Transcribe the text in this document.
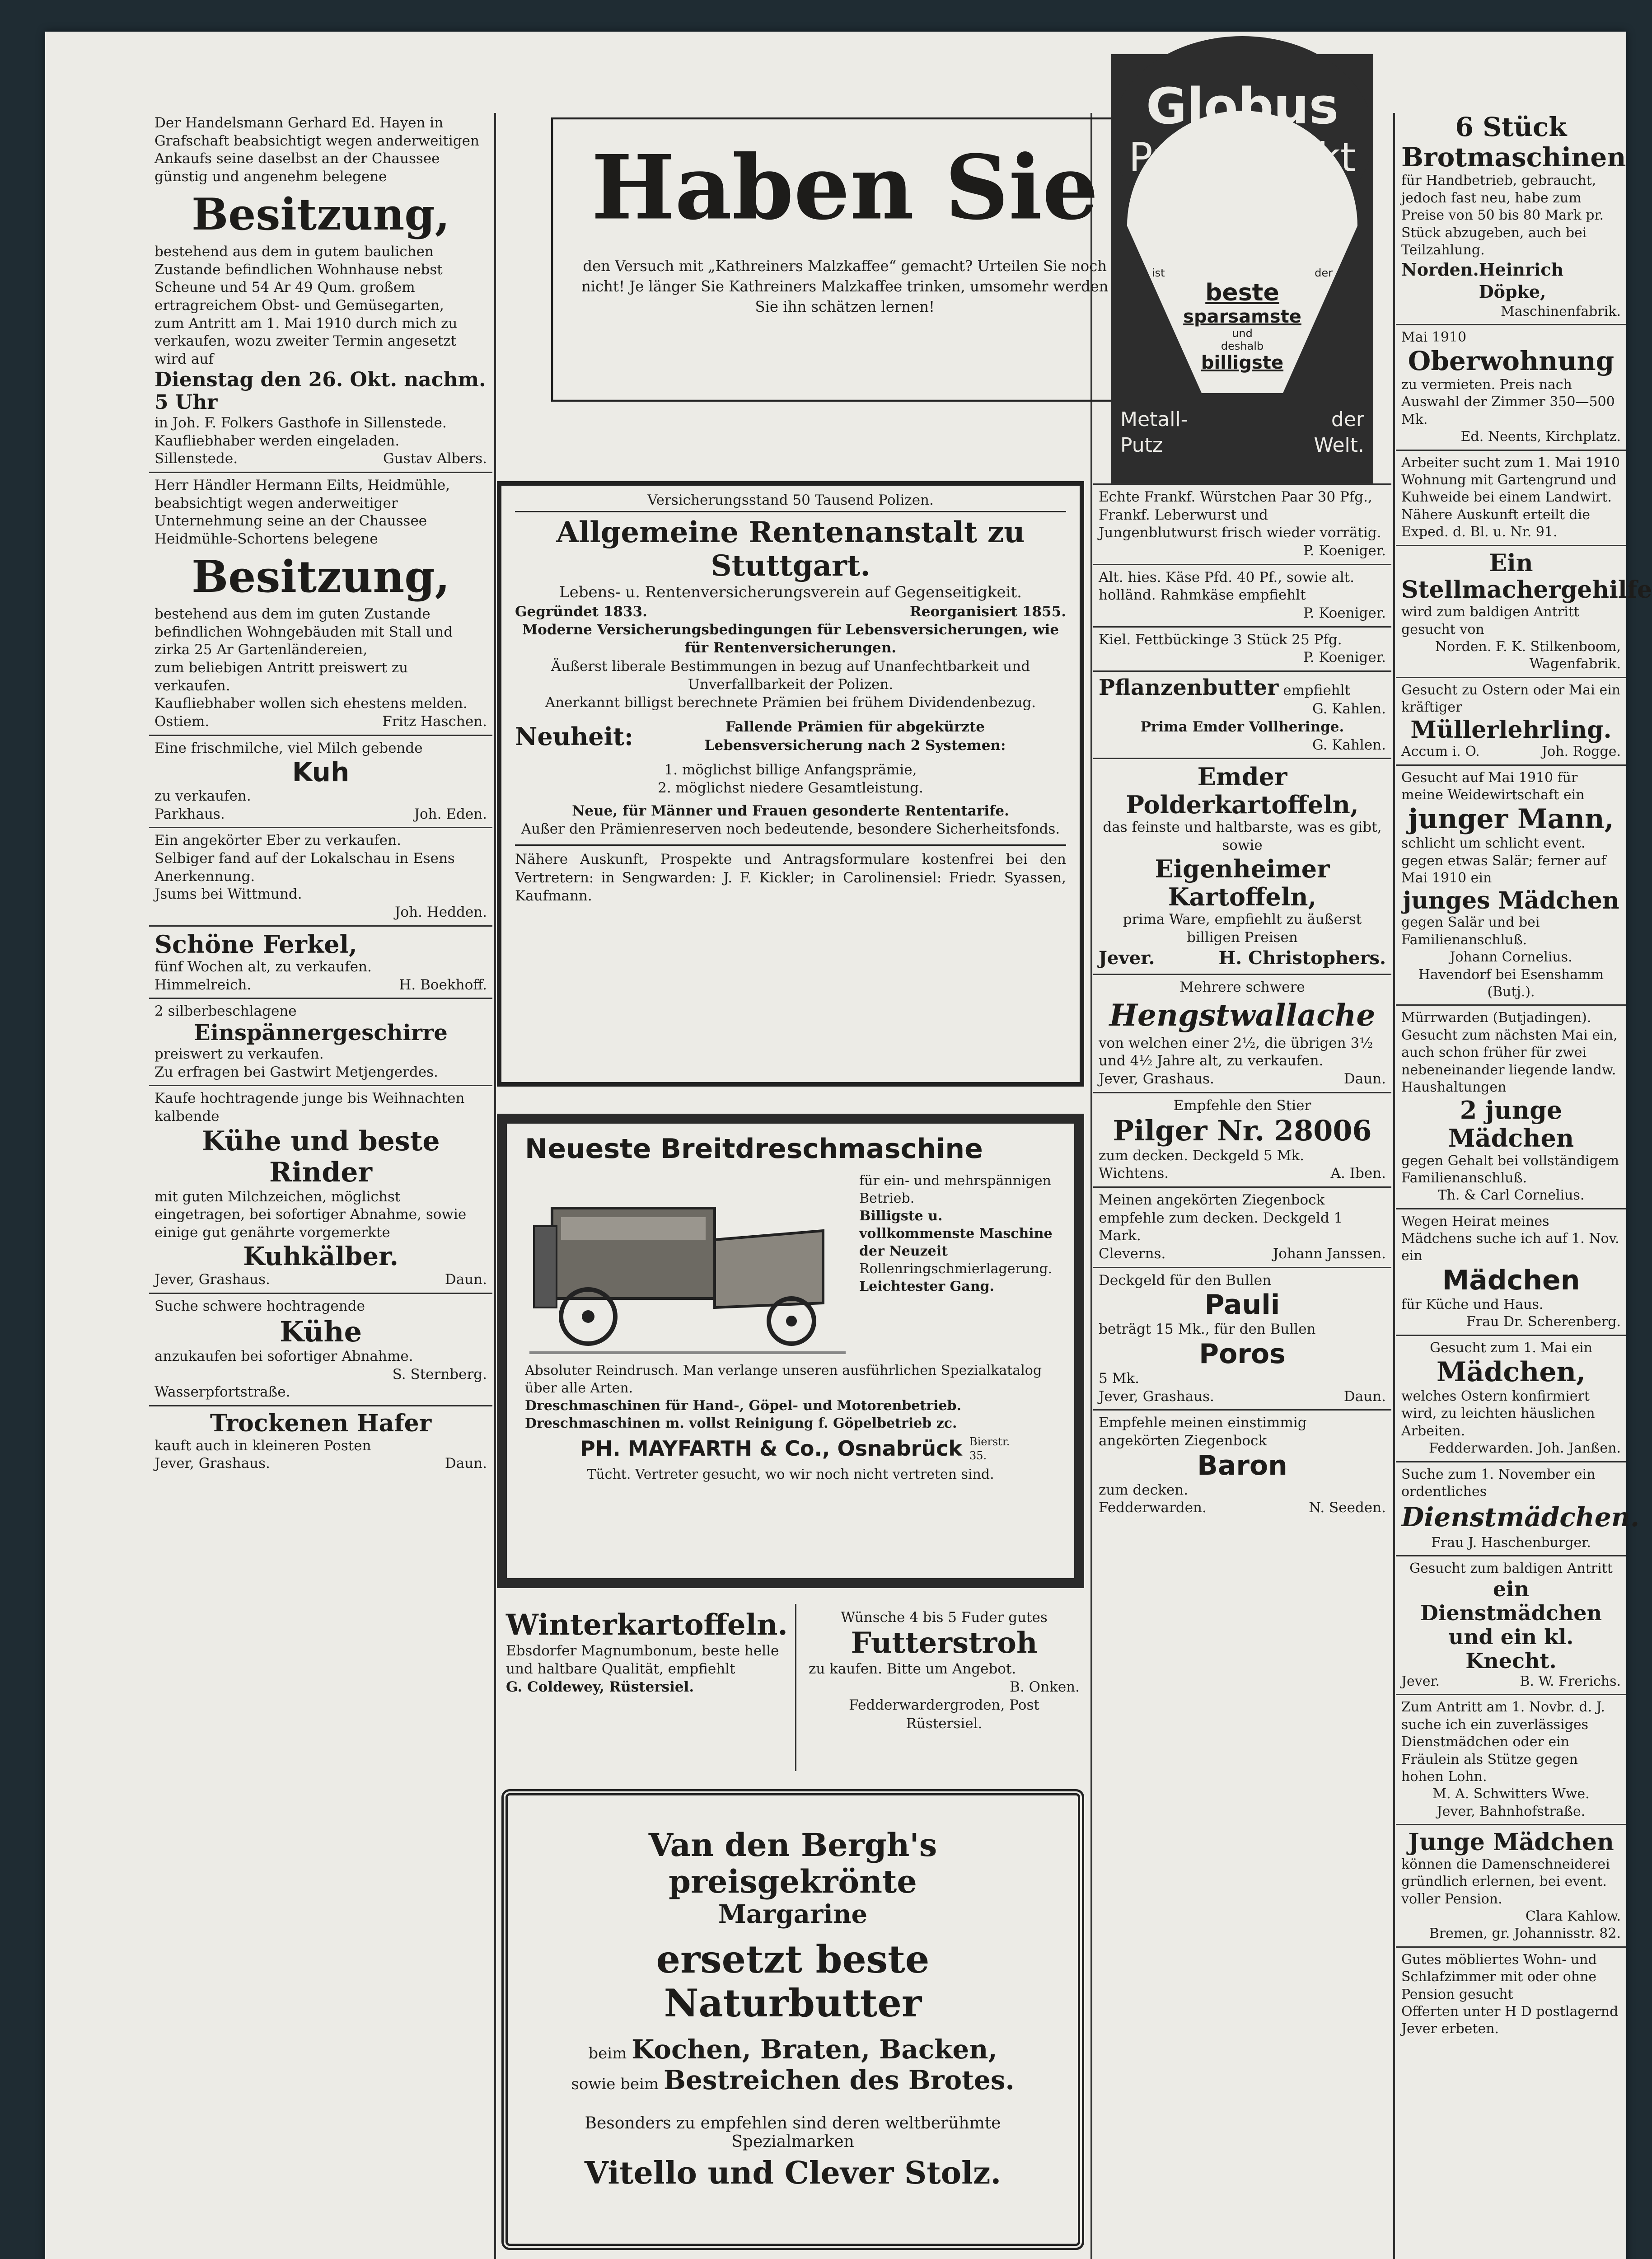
Der Handelsmann Gerhard Ed. Hayen in Grafschaft beabsichtigt wegen anderweitigen Ankaufs seine daselbst an der Chaussee günstig und angenehm belegene

Besitzung,

bestehend aus dem in gutem baulichen Zustande befindlichen Wohnhause nebst Scheune und 54 Ar 49 Qum. großem ertragreichem Obst- und Gemüsegarten,

zum Antritt am 1. Mai 1910 durch mich zu verkaufen, wozu zweiter Termin angesetzt wird auf

Dienstag den 26. Okt. nachm. 5 Uhr

in Joh. F. Folkers Gasthofe in Sillenstede.

Kaufliebhaber werden eingeladen.

Sillenstede.	Gustav Albers.

Herr Händler Hermann Eilts, Heidmühle, beabsichtigt wegen anderweitiger Unternehmung seine an der Chaussee Heidmühle-Schortens belegene

Besitzung,

bestehend aus dem im guten Zustande befindlichen Wohngebäuden mit Stall und zirka 25 Ar Gartenländereien,

zum beliebigen Antritt preiswert zu verkaufen.

Kaufliebhaber wollen sich ehestens melden.

Ostiem.	Fritz Haschen.

Eine frischmilche, viel Milch gebende

Kuh

zu verkaufen.

Parkhaus.	Joh. Eden.

Ein angekörter Eber zu verkaufen.

Selbiger fand auf der Lokalschau in Esens Anerkennung.

Jsums bei Wittmund.

Joh. Hedden.

Schöne Ferkel,

fünf Wochen alt, zu verkaufen.

Himmelreich.	H. Boekhoff.

2 silberbeschlagene

Einspännergeschirre

preiswert zu verkaufen.

Zu erfragen bei Gastwirt Metjengerdes.

Kaufe hochtragende junge bis Weihnachten kalbende

Kühe und beste Rinder

mit guten Milchzeichen, möglichst eingetragen, bei sofortiger Abnahme, sowie einige gut genährte vorgemerkte

Kuhkälber.

Jever, Grashaus.	Daun.

Suche schwere hochtragende

Kühe

anzukaufen bei sofortiger Abnahme.

S. Sternberg.

Wasserpfortstraße.

Trockenen Hafer

kauft auch in kleineren Posten

Jever, Grashaus.	Daun.

Haben Sie

den Versuch mit „Kathreiners Malzkaffee“ gemacht? Urteilen Sie noch nicht! Je länger Sie Kathreiners Malzkaffee trinken, umsomehr werden Sie ihn schätzen lernen!

Versicherungsstand 50 Tausend Polizen.

Allgemeine Rentenanstalt zu Stuttgart.

Lebens- u. Rentenversicherungsverein auf Gegenseitigkeit.

Gegründet 1833.	Reorganisiert 1855.

Moderne Versicherungsbedingungen für Lebensversicherungen, wie für Rentenversicherungen.

Äußerst liberale Bestimmungen in bezug auf Unanfechtbarkeit und Unverfallbarkeit der Polizen.

Anerkannt billigst berechnete Prämien bei frühem Dividendenbezug.

Neuheit:	Fallende Prämien für abgekürzte Lebensversicherung nach 2 Systemen:

1. möglichst billige Anfangsprämie,

2. möglichst niedere Gesamtleistung.

Neue, für Männer und Frauen gesonderte Rententarife.

Außer den Prämienreserven noch bedeutende, besondere Sicherheitsfonds.

Nähere Auskunft, Prospekte und Antragsformulare kostenfrei bei den Vertretern: in Sengwarden: J. F. Kickler; in Carolinensiel: Friedr. Syassen, Kaufmann.

Neueste Breitdreschmaschine

für ein- und mehrspännigen Betrieb.

Billigste u. vollkommenste Maschine der Neuzeit

Rollenringschmierlagerung.

Leichtester Gang.

Absoluter Reindrusch. Man verlange unseren ausführlichen Spezialkatalog über alle Arten.

Dreschmaschinen für Hand-, Göpel- und Motorenbetrieb.

Dreschmaschinen m. vollst Reinigung f. Göpelbetrieb zc.

PH. MAYFARTH & Co., Osnabrück Bierstr. 35.

Tücht. Vertreter gesucht, wo wir noch nicht vertreten sind.

Winterkartoffeln.

Ebsdorfer Magnumbonum, beste helle und haltbare Qualität, empfiehlt

G. Coldewey, Rüstersiel.

Wünsche 4 bis 5 Fuder gutes

Futterstroh

zu kaufen. Bitte um Angebot.

B. Onken.

Fedderwardergroden, Post Rüstersiel.

Van den Bergh's preisgekrönte

Margarine

ersetzt beste Naturbutter

beim Kochen, Braten, Backen,

sowie beim Bestreichen des Brotes.

Besonders zu empfehlen sind deren weltberühmte Spezialmarken

Vitello und Clever Stolz.

Globus

Putzextrakt

ist	der

beste

sparsamste

und

deshalb

billigste

Metall-	der
Putz	Welt.

Echte Frankf. Würstchen Paar 30 Pfg., Frankf. Leberwurst und Jungenblutwurst frisch wieder vorrätig.

P. Koeniger.

Alt. hies. Käse Pfd. 40 Pf., sowie alt. holländ. Rahmkäse empfiehlt

P. Koeniger.

Kiel. Fettbückinge 3 Stück 25 Pfg.

P. Koeniger.

Pflanzenbutter empfiehlt

G. Kahlen.

Prima Emder Vollheringe.

G. Kahlen.

Emder Polderkartoffeln,

das feinste und haltbarste, was es gibt, sowie

Eigenheimer Kartoffeln,

prima Ware, empfiehlt zu äußerst billigen Preisen

Jever.	H. Christophers.

Mehrere schwere

Hengstwallache

von welchen einer 2½, die übrigen 3½ und 4½ Jahre alt, zu verkaufen.

Jever, Grashaus.	Daun.

Empfehle den Stier

Pilger Nr. 28006

zum decken. Deckgeld 5 Mk.

Wichtens.	A. Iben.

Meinen angekörten Ziegenbock empfehle zum decken. Deckgeld 1 Mark.

Cleverns.	Johann Janssen.

Deckgeld für den Bullen

Pauli

beträgt 15 Mk., für den Bullen

Poros

5 Mk.

Jever, Grashaus.	Daun.

Empfehle meinen einstimmig angekörten Ziegenbock

Baron

zum decken.

Fedderwarden.	N. Seeden.

6 Stück Brotmaschinen

für Handbetrieb, gebraucht, jedoch fast neu, habe zum Preise von 50 bis 80 Mark pr. Stück abzugeben, auch bei Teilzahlung.

Norden. Heinrich Döpke,

Maschinenfabrik.

Mai 1910

Oberwohnung

zu vermieten. Preis nach Auswahl der Zimmer 350—500 Mk.

Ed. Neents, Kirchplatz.

Arbeiter sucht zum 1. Mai 1910 Wohnung mit Gartengrund und Kuhweide bei einem Landwirt. Nähere Auskunft erteilt die Exped. d. Bl. u. Nr. 91.

Ein Stellmachergehilfe

wird zum baldigen Antritt gesucht von

Norden. F. K. Stilkenboom,

Wagenfabrik.

Gesucht zu Ostern oder Mai ein kräftiger

Müllerlehrling.

Accum i. O.	Joh. Rogge.

Gesucht auf Mai 1910 für meine Weidewirtschaft ein

junger Mann,

schlicht um schlicht event. gegen etwas Salär; ferner auf Mai 1910 ein

junges Mädchen

gegen Salär und bei Familienanschluß.

Johann Cornelius.

Havendorf bei Esenshamm (Butj.).

Mürrwarden (Butjadingen). Gesucht zum nächsten Mai ein, auch schon früher für zwei nebeneinander liegende landw. Haushaltungen

2 junge Mädchen

gegen Gehalt bei vollständigem Familienanschluß.

Th. & Carl Cornelius.

Wegen Heirat meines Mädchens suche ich auf 1. Nov. ein

Mädchen

für Küche und Haus.

Frau Dr. Scherenberg.

Gesucht zum 1. Mai ein

Mädchen,

welches Ostern konfirmiert wird, zu leichten häuslichen Arbeiten.

Fedderwarden. Joh. Janßen.

Suche zum 1. November ein ordentliches

Dienstmädchen.

Frau J. Haschenburger.

Gesucht zum baldigen Antritt

ein Dienstmädchen und ein kl. Knecht.

Jever.	B. W. Frerichs.

Zum Antritt am 1. Novbr. d. J. suche ich ein zuverlässiges Dienstmädchen oder ein Fräulein als Stütze gegen hohen Lohn.

M. A. Schwitters Wwe.

Jever, Bahnhofstraße.

Junge Mädchen

können die Damenschneiderei gründlich erlernen, bei event. voller Pension.

Clara Kahlow.

Bremen, gr. Johannisstr. 82.

Gutes möbliertes Wohn- und Schlafzimmer mit oder ohne Pension gesucht

Offerten unter H D postlagernd Jever erbeten.
